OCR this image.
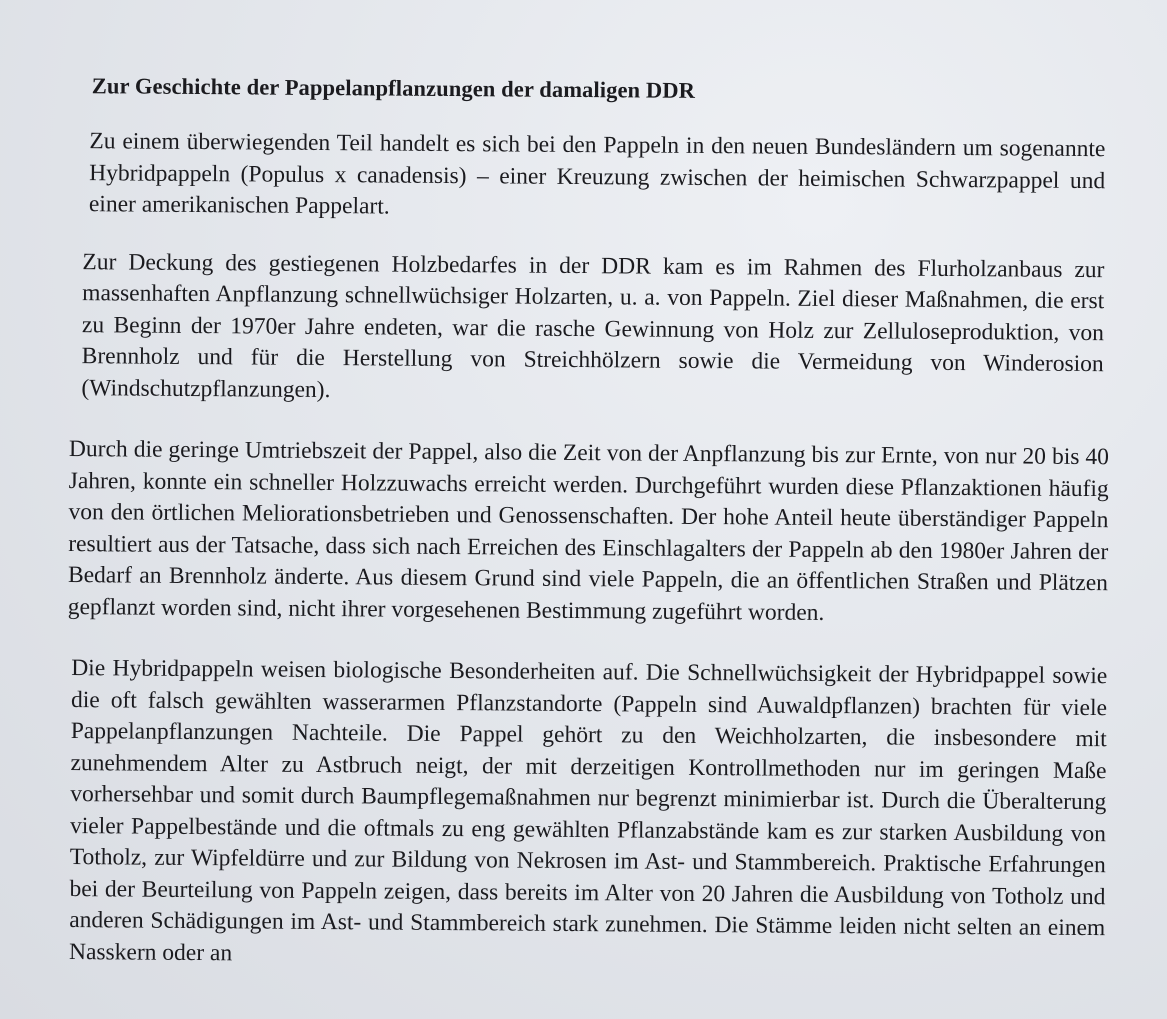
Zur Geschichte der Pappelanpflanzungen der damaligen DDR

Zu einem überwiegenden Teil handelt es sich bei den Pappeln in den neuen Bundesländern um sogenannte Hybridpappeln (Populus x canadensis) – einer Kreuzung zwischen der heimischen Schwarzpappel und einer amerikanischen Pappelart.

Zur Deckung des gestiegenen Holzbedarfes in der DDR kam es im Rahmen des Flurholzanbaus zur massenhaften Anpflanzung schnellwüchsiger Holzarten, u. a. von Pappeln. Ziel dieser Maßnahmen, die erst zu Beginn der 1970er Jahre endeten, war die rasche Gewinnung von Holz zur Zelluloseproduktion, von Brennholz und für die Herstellung von Streichhölzern sowie die Vermeidung von Winderosion (Windschutzpflanzungen).

Durch die geringe Umtriebszeit der Pappel, also die Zeit von der Anpflanzung bis zur Ernte, von nur 20 bis 40 Jahren, konnte ein schneller Holzzuwachs erreicht werden. Durchgeführt wurden diese Pflanzaktionen häufig von den örtlichen Meliorationsbetrieben und Genossenschaften. Der hohe Anteil heute überständiger Pappeln resultiert aus der Tatsache, dass sich nach Erreichen des Einschlagalters der Pappeln ab den 1980er Jahren der Bedarf an Brennholz änderte. Aus diesem Grund sind viele Pappeln, die an öffentlichen Straßen und Plätzen gepflanzt worden sind, nicht ihrer vorgesehenen Bestimmung zugeführt worden.

Die Hybridpappeln weisen biologische Besonderheiten auf. Die Schnellwüchsigkeit der Hybridpappel sowie die oft falsch gewählten wasserarmen Pflanzstandorte (Pappeln sind Auwaldpflanzen) brachten für viele Pappelanpflanzungen Nachteile. Die Pappel gehört zu den Weichholzarten, die insbesondere mit zunehmendem Alter zu Astbruch neigt, der mit derzeitigen Kontrollmethoden nur im geringen Maße vorhersehbar und somit durch Baumpflegemaßnahmen nur begrenzt minimierbar ist. Durch die Überalterung vieler Pappelbestände und die oftmals zu eng gewählten Pflanzabstände kam es zur starken Ausbildung von Totholz, zur Wipfeldürre und zur Bildung von Nekrosen im Ast- und Stammbereich. Praktische Erfahrungen bei der Beurteilung von Pappeln zeigen, dass bereits im Alter von 20 Jahren die Ausbildung von Totholz und anderen Schädigungen im Ast- und Stammbereich stark zunehmen. Die Stämme leiden nicht selten an einem Nasskern oder an
